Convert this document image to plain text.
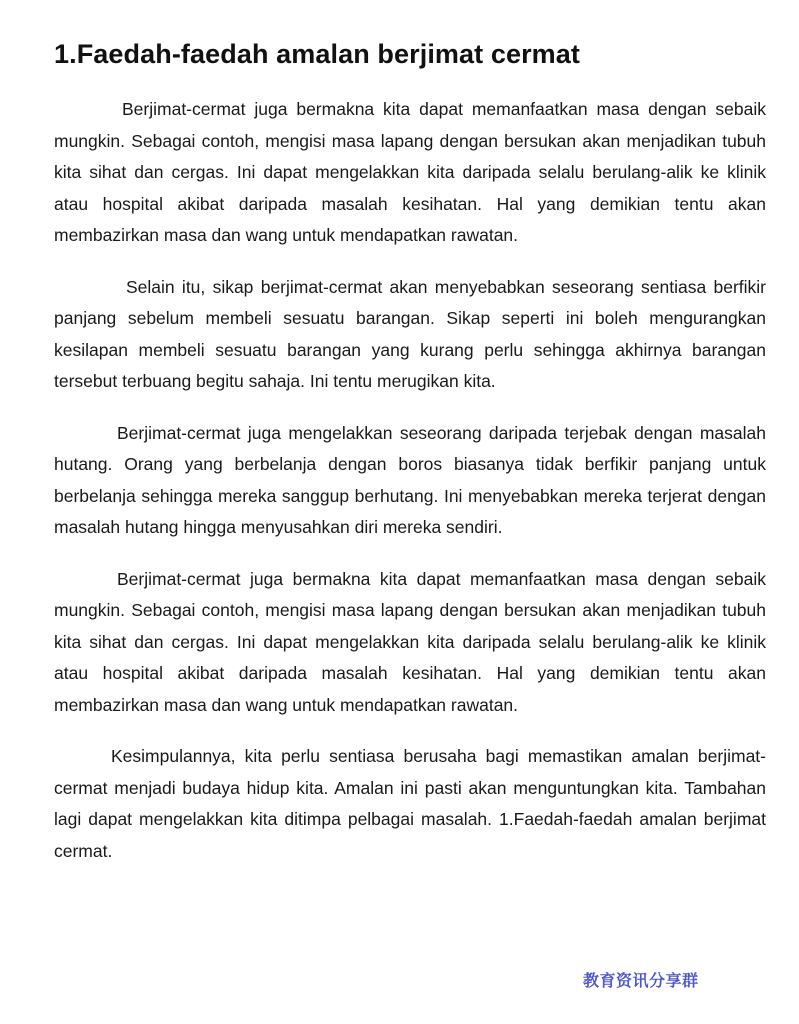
1.Faedah-faedah amalan berjimat cermat

Berjimat-cermat juga bermakna kita dapat memanfaatkan masa dengan sebaik mungkin. Sebagai contoh, mengisi masa lapang dengan bersukan akan menjadikan tubuh kita sihat dan cergas. Ini dapat mengelakkan kita daripada selalu berulang-alik ke klinik atau hospital akibat daripada masalah kesihatan. Hal yang demikian tentu akan membazirkan masa dan wang untuk mendapatkan rawatan.

Selain itu, sikap berjimat-cermat akan menyebabkan seseorang sentiasa berfikir panjang sebelum membeli sesuatu barangan. Sikap seperti ini boleh mengurangkan kesilapan membeli sesuatu barangan yang kurang perlu sehingga akhirnya barangan tersebut terbuang begitu sahaja. Ini tentu merugikan kita.

Berjimat-cermat juga mengelakkan seseorang daripada terjebak dengan masalah hutang. Orang yang berbelanja dengan boros biasanya tidak berfikir panjang untuk berbelanja sehingga mereka sanggup berhutang. Ini menyebabkan mereka terjerat dengan masalah hutang hingga menyusahkan diri mereka sendiri.

Berjimat-cermat juga bermakna kita dapat memanfaatkan masa dengan sebaik mungkin. Sebagai contoh, mengisi masa lapang dengan bersukan akan menjadikan tubuh kita sihat dan cergas. Ini dapat mengelakkan kita daripada selalu berulang-alik ke klinik atau hospital akibat daripada masalah kesihatan. Hal yang demikian tentu akan membazirkan masa dan wang untuk mendapatkan rawatan.

Kesimpulannya, kita perlu sentiasa berusaha bagi memastikan amalan berjimat- cermat menjadi budaya hidup kita. Amalan ini pasti akan menguntungkan kita. Tambahan lagi dapat mengelakkan kita ditimpa pelbagai masalah. 1.Faedah-faedah amalan berjimat cermat.

教育资讯分享群
